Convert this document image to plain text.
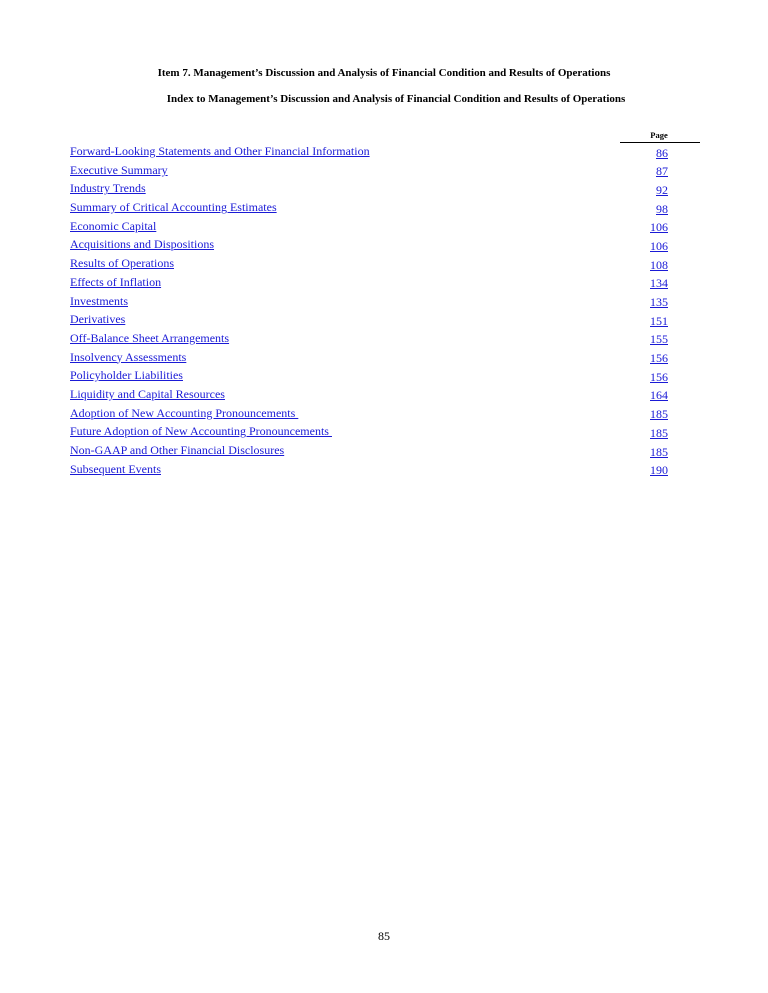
Item 7. Management’s Discussion and Analysis of Financial Condition and Results of Operations
Index to Management’s Discussion and Analysis of Financial Condition and Results of Operations
Page
Forward-Looking Statements and Other Financial Information	86
Executive Summary	87
Industry Trends	92
Summary of Critical Accounting Estimates	98
Economic Capital	106
Acquisitions and Dispositions	106
Results of Operations	108
Effects of Inflation	134
Investments	135
Derivatives	151
Off-Balance Sheet Arrangements	155
Insolvency Assessments	156
Policyholder Liabilities	156
Liquidity and Capital Resources	164
Adoption of New Accounting Pronouncements	185
Future Adoption of New Accounting Pronouncements	185
Non-GAAP and Other Financial Disclosures	185
Subsequent Events	190
85
